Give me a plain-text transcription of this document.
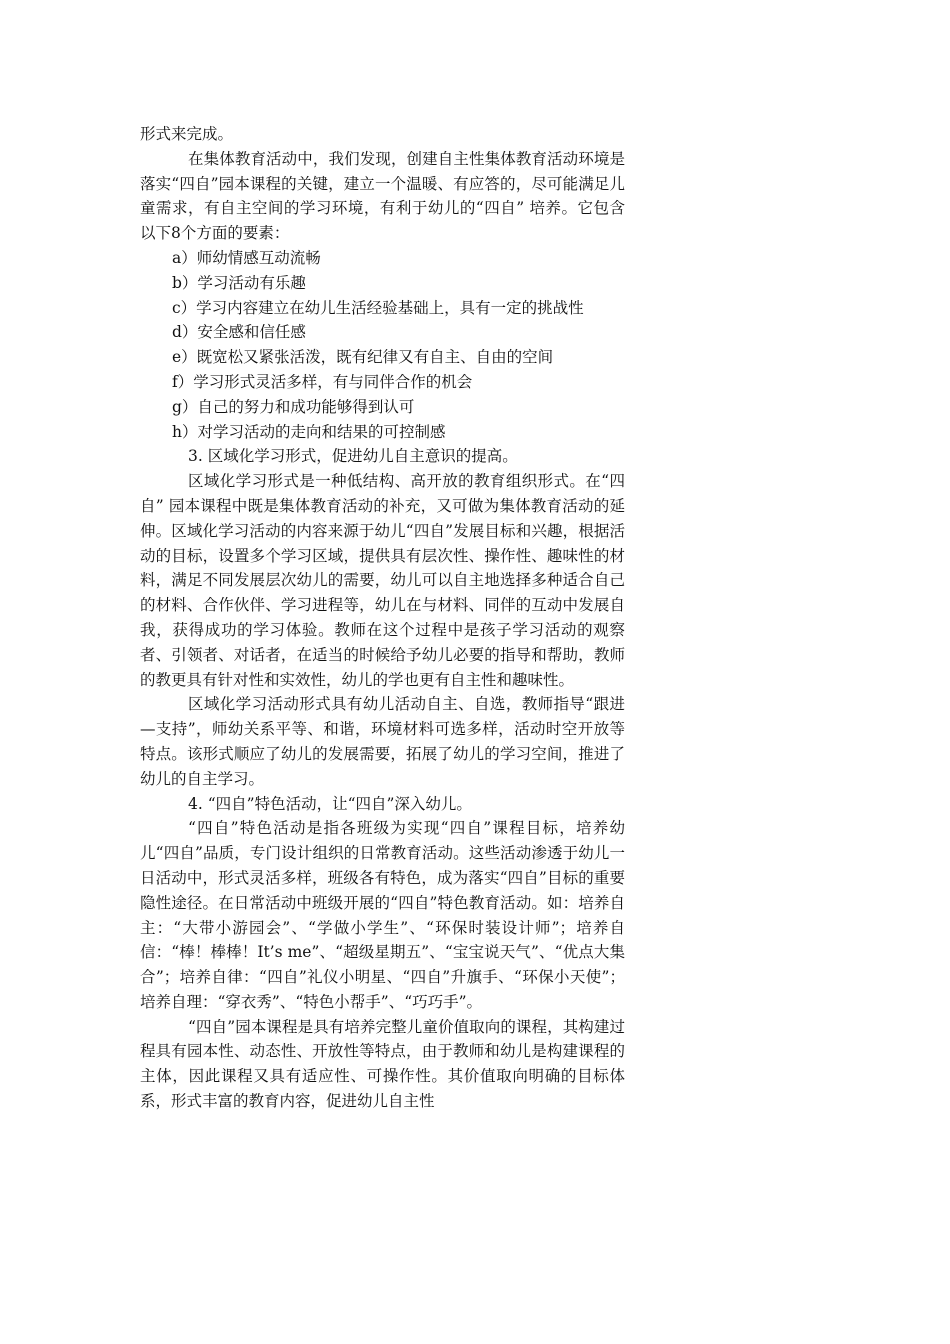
形式来完成。

在集体教育活动中，我们发现，创建自主性集体教育活动环境是落实“四自”园本课程的关键，建立一个温暖、有应答的，尽可能满足儿童需求，有自主空间的学习环境，有利于幼儿的“四自” 培养。它包含以下8个方面的要素：

a）师幼情感互动流畅

b）学习活动有乐趣

c）学习内容建立在幼儿生活经验基础上，具有一定的挑战性

d）安全感和信任感

e）既宽松又紧张活泼，既有纪律又有自主、自由的空间

f）学习形式灵活多样，有与同伴合作的机会

g）自己的努力和成功能够得到认可

h）对学习活动的走向和结果的可控制感

3. 区域化学习形式，促进幼儿自主意识的提高。

区域化学习形式是一种低结构、高开放的教育组织形式。在“四自” 园本课程中既是集体教育活动的补充，又可做为集体教育活动的延伸。区域化学习活动的内容来源于幼儿“四自”发展目标和兴趣，根据活动的目标，设置多个学习区域，提供具有层次性、操作性、趣味性的材料，满足不同发展层次幼儿的需要，幼儿可以自主地选择多种适合自己的材料、合作伙伴、学习进程等，幼儿在与材料、同伴的互动中发展自我，获得成功的学习体验。教师在这个过程中是孩子学习活动的观察者、引领者、对话者，在适当的时候给予幼儿必要的指导和帮助，教师的教更具有针对性和实效性，幼儿的学也更有自主性和趣味性。

区域化学习活动形式具有幼儿活动自主、自选，教师指导“跟进—支持”，师幼关系平等、和谐，环境材料可选多样，活动时空开放等特点。该形式顺应了幼儿的发展需要，拓展了幼儿的学习空间，推进了幼儿的自主学习。

4. “四自”特色活动，让“四自”深入幼儿。

“四自”特色活动是指各班级为实现“四自”课程目标，培养幼儿“四自”品质，专门设计组织的日常教育活动。这些活动渗透于幼儿一日活动中，形式灵活多样，班级各有特色，成为落实“四自”目标的重要隐性途径。在日常活动中班级开展的“四自”特色教育活动。如：培养自主：“大带小游园会”、“学做小学生”、“环保时装设计师”；培养自信：“棒！棒棒！It’s me”、“超级星期五”、“宝宝说天气”、“优点大集合”；培养自律：“四自”礼仪小明星、“四自”升旗手、“环保小天使”；培养自理：“穿衣秀”、“特色小帮手”、“巧巧手”。

“四自”园本课程是具有培养完整儿童价值取向的课程，其构建过程具有园本性、动态性、开放性等特点，由于教师和幼儿是构建课程的主体，因此课程又具有适应性、可操作性。其价值取向明确的目标体系，形式丰富的教育内容，促进幼儿自主性
